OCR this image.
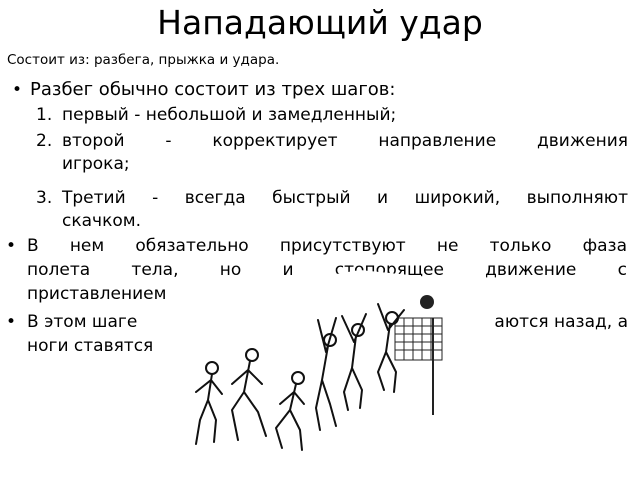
Нападающий удар
Состоит из: разбега, прыжка и удара.
• Разбег обычно состоит из трех шагов:
1. первый - небольшой и замедленный;
2. второй - корректирует направление движения
игрока;
3. Третий - всегда быстрый и широкий, выполняют
скачком.
• В нем обязательно присутствуют не только фаза
полета тела, но и стопорящее движение с
приставлением
• В этом шаге	аются назад, а
ноги ставятся
